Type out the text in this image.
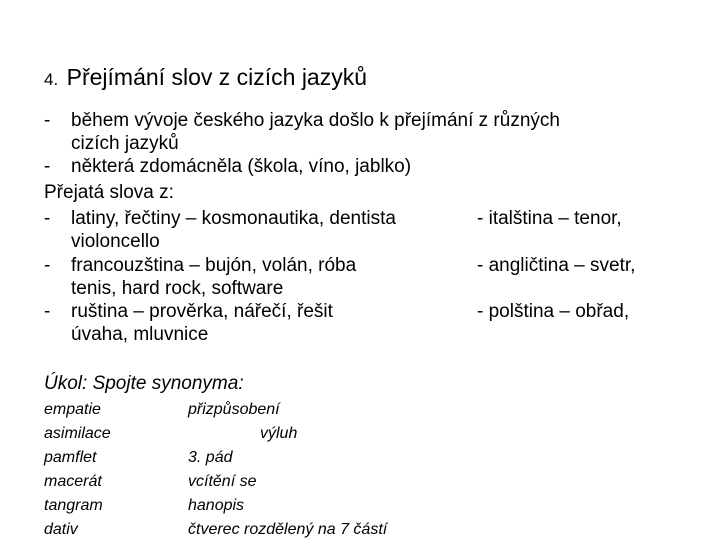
4. Přejímání slov z cizích jazyků
- během vývoje českého jazyka došlo k přejímání z různých
cizích jazyků
- některá zdomácněla (škola, víno, jablko)
Přejatá slova z:
- latiny, řečtiny – kosmonautika, dentista
violoncello
- francouzština – bujón, volán, róba
tenis, hard rock, software
- ruština – prověrka, nářečí, řešit
úvaha, mluvnice
- italština – tenor,
- angličtina – svetr,
- polština – obřad,
Úkol: Spojte synonyma:
empatie
asimilace
pamflet
macerát
tangram
dativ
přizpůsobení
výluh
3. pád
vcítění se
hanopis
čtverec rozdělený na 7 částí
